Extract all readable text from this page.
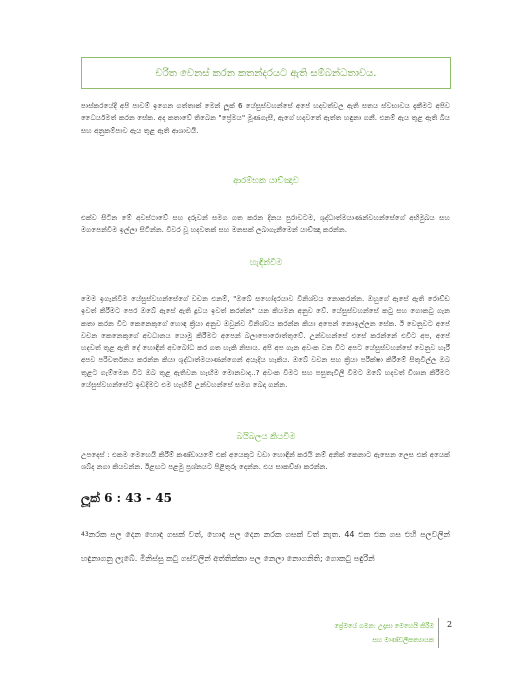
චරිත වෙනස් කරන කතන්දරයට ඇති සම්බන්ධතාවය.
පාස්කරයේදී අපි පාවම් ඉගෙන ගත්තාක් මෙන් ලූක් 6 යේසුස්වහන්සේ අපේ හදවත්වල ඇති සතය ස්වභාවය දැකීමට අපිව ධෛර්යමත් කරන සේක. අද කතාවේ තිබෙන "ප්‍රේමය" මූණගැසී, ඇගේ හදවතේ ඇත්ත හඳුනා ගනී. එනම් ඇය තුළ ඇති බිය සහ අනුකම්පාව ඇය තුළ ඇති ආශාවයි.
ආරම්භක යාච්ඤාව
එක්ව සිටින මේ අවස්ථාවේ සහ දරුවන් සමග ගත කරන දිනය පුරාවටම, ශුද්ධාත්මයාණන්වහන්සේගේ අභිමුඛය සහ මගපෙන්වීම ඉල්ලා සිටින්න. විවර වූ හදවතක් සහ මනසක් ලබාගැනීමෙන් යාච්ඤා කරන්න.
හැඳින්වීම
මෙම ඉගැන්වීම යේසුස්වහන්සේගේ වචන එනම්, "ඔබේ සහෝදරයාව විනිශ්චය නොකරන්න. ඔහුගේ ඇසේ ඇති රොඩ්ඩ ඉවත් කිරීමට පෙර ඔබේ ඇසේ ඇති දූවය ඉවත් කරන්න" යන කියමන අනුව වේ. යේසුස්වහන්සේ කටු සහ ගොකටු ගැන කතා කරන විට කෙනෙකුගේ හොඳ ක්‍රියා අනුව ඔවුන්ව විනිශ්චය කරන්න කියා අපෙන් නොඉල්ලන සේක. ඊ වෙනුවට අපේ වචන කෙනෙකුගේ අවධානය යොමු කිරීමට අපෙන් බලාපොරොත්තුවේ. උන්වහන්සේ එසේ කරන්නේ එවිට අප, අපේ හදවත් තුළ ඇති දේ හොඳින් අවබෝධ කර ගත හැකි නිසාය. අපි අප ගැන අවංක වන විට අපට යේසුස්වහන්සේ වෙනුව හැරී අපව පරිවර්තනය කරන්න කියා ශුද්ධාත්මයාණන්ගෙන් අයැදිය හැකිය. ඔබේ වචන සහ ක්‍රියා පරීක්ෂා කිරීමේ සිතුවිල්ල ඔබ තුළට ගැම්මෙන විට ඔබ තුළ ඇතිවන හැඟීම මොනවාද..? අවංක වීමට සහ පසුතැවිලි වීමට ඔබේ හදවත් විශාන කිරීමට යේසුස්වහන්සේට ඉඩදීමට එම හැඟීම් උන්වහන්සේ සමග බෙදා ගන්න.
බයිබලය කියවීම
උපදෙස් : එකම මෙහෙයි කිරීම් කණ්ඩායමේ එක් අයෙකුට වඩා හොඳින් කරයි නම් අනික් කෙනාට ඇසෙන ලෙස එක් අයෙක් ශබ්ද නගා කියවන්න. ඊළඟට පළමු ප්‍රශ්නයට පිළිතුරු දෙන්න. එය සාකච්ඡා කරන්න.
ලූක් 6 : 43 - 45
$^{43}$නරක පල දෙන හොඳ ගසක් වත්, හොඳ පල දෙන නරක ගසක් වත් නැත. 44 එක එක ගස එහි පලවලින් හඳුනාගනු ලැබේ. මිනිස්සු කටු ගස්වලින් අත්තික්කා පල නෙලා නොගනිති; ගොකටු පඳුරින්
ප්‍රේමයේ ගමන: උදෑසා මෙහෙයි කිරීම
සහ මාණ්ඩලිකත්‍යායක
2
